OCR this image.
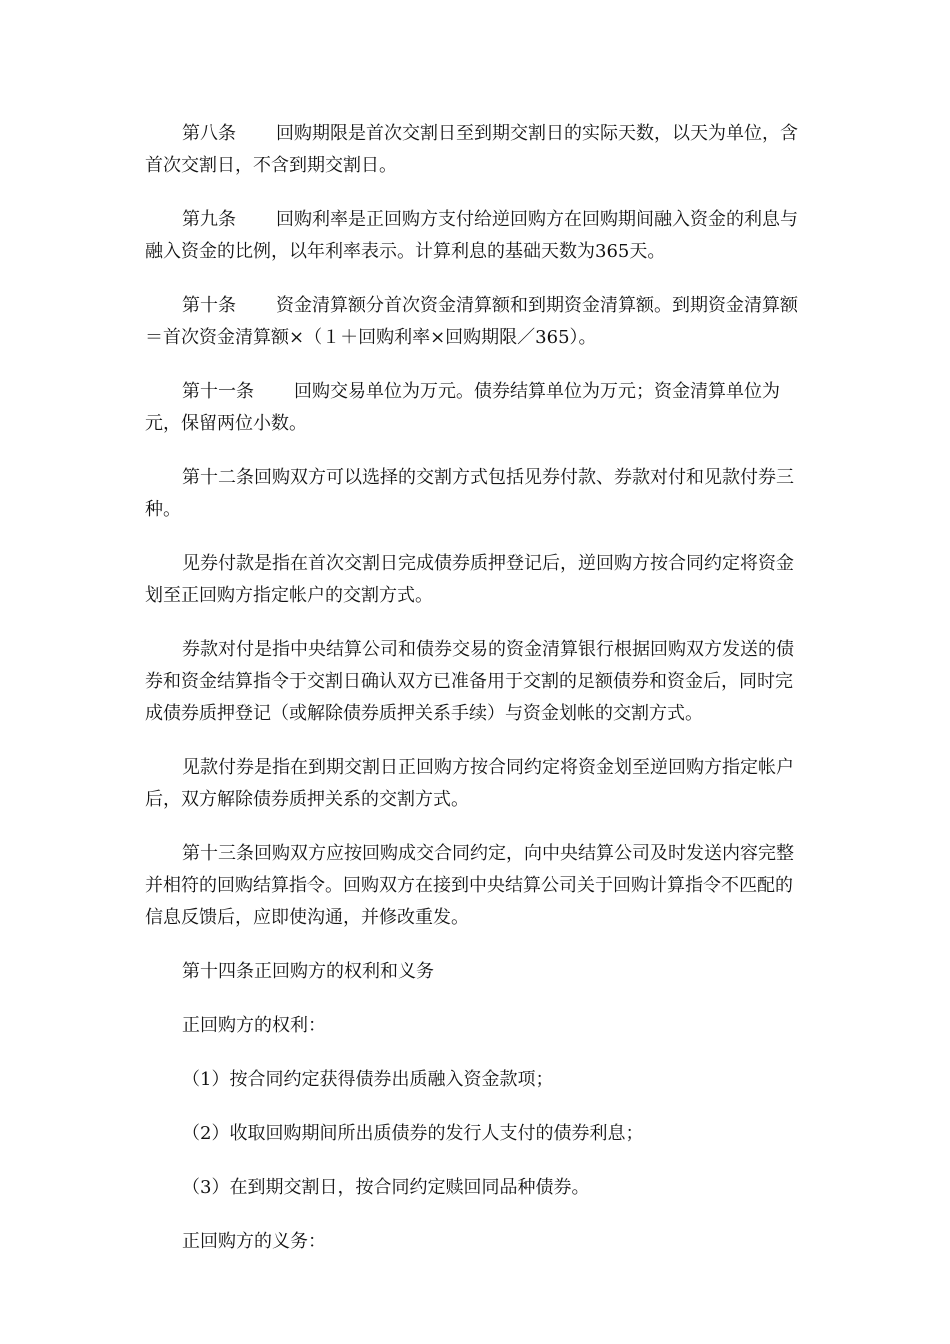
第八条 回购期限是首次交割日至到期交割日的实际天数，以天为单位，含首次交割日，不含到期交割日。

第九条 回购利率是正回购方支付给逆回购方在回购期间融入资金的利息与融入资金的比例，以年利率表示。计算利息的基础天数为365天。

第十条 资金清算额分首次资金清算额和到期资金清算额。到期资金清算额＝首次资金清算额×（１＋回购利率×回购期限／365）。

第十一条 回购交易单位为万元。债券结算单位为万元；资金清算单位为元，保留两位小数。

第十二条回购双方可以选择的交割方式包括见券付款、券款对付和见款付券三种。

见券付款是指在首次交割日完成债券质押登记后，逆回购方按合同约定将资金划至正回购方指定帐户的交割方式。

券款对付是指中央结算公司和债券交易的资金清算银行根据回购双方发送的债券和资金结算指令于交割日确认双方已准备用于交割的足额债券和资金后，同时完成债券质押登记（或解除债券质押关系手续）与资金划帐的交割方式。

见款付券是指在到期交割日正回购方按合同约定将资金划至逆回购方指定帐户后，双方解除债券质押关系的交割方式。

第十三条回购双方应按回购成交合同约定，向中央结算公司及时发送内容完整并相符的回购结算指令。回购双方在接到中央结算公司关于回购计算指令不匹配的信息反馈后，应即使沟通，并修改重发。

第十四条正回购方的权利和义务

正回购方的权利：

（1）按合同约定获得债券出质融入资金款项；

（2）收取回购期间所出质债券的发行人支付的债券利息；

（3）在到期交割日，按合同约定赎回同品种债券。

正回购方的义务：
